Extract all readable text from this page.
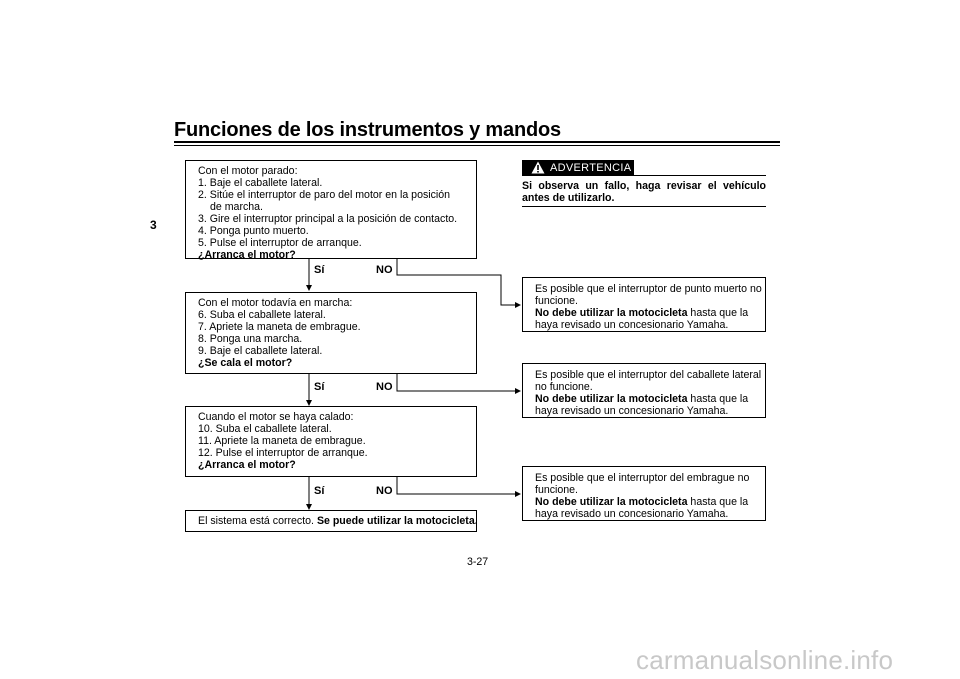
Funciones de los instrumentos y mandos
3
Con el motor parado:
1. Baje el caballete lateral.
2. Sitúe el interruptor de paro del motor en la posición
de marcha.
3. Gire el interruptor principal a la posición de contacto.
4. Ponga punto muerto.
5. Pulse el interruptor de arranque.
¿Arranca el motor?
Sí	NO
Con el motor todavía en marcha:
6. Suba el caballete lateral.
7. Apriete la maneta de embrague.
8. Ponga una marcha.
9. Baje el caballete lateral.
¿Se cala el motor?
Sí	NO
Cuando el motor se haya calado:
10. Suba el caballete lateral.
11. Apriete la maneta de embrague.
12. Pulse el interruptor de arranque.
¿Arranca el motor?
Sí	NO
El sistema está correcto. Se puede utilizar la motocicleta.
ADVERTENCIA
Si observa un fallo, haga revisar el vehículo
antes de utilizarlo.
Es posible que el interruptor de punto muerto no
funcione.
No debe utilizar la motocicleta hasta que la
haya revisado un concesionario Yamaha.
Es posible que el interruptor del caballete lateral
no funcione.
No debe utilizar la motocicleta hasta que la
haya revisado un concesionario Yamaha.
Es posible que el interruptor del embrague no
funcione.
No debe utilizar la motocicleta hasta que la
haya revisado un concesionario Yamaha.
3-27
carmanualsonline.info
